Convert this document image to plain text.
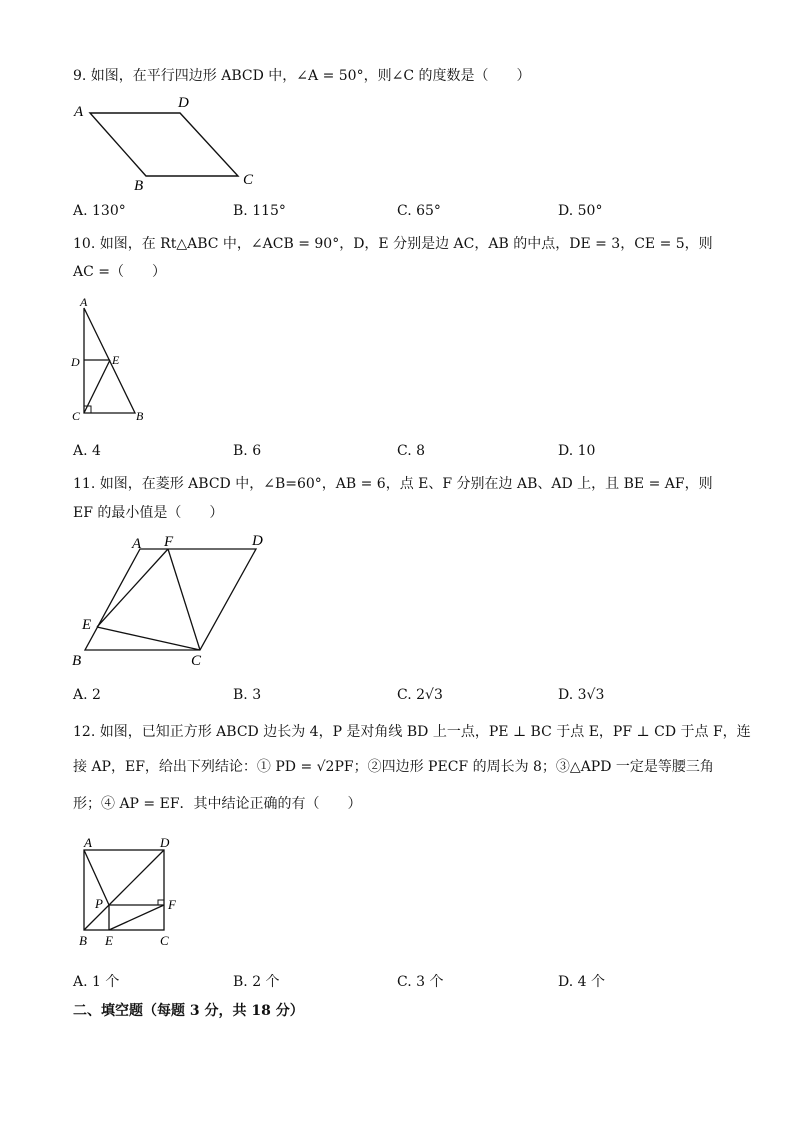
9. 如图，在平行四边形 ABCD 中，∠A = 50°，则∠C 的度数是（　　）
A
D
C
B
A. 130°	B. 115°	C. 65°	D. 50°
10. 如图，在 Rt△ABC 中，∠ACB = 90°，D，E 分别是边 AC，AB 的中点，DE = 3，CE = 5，则
AC =（　　）
A
D	E
C	B
A. 4	B. 6	C. 8	D. 10
11. 如图，在菱形 ABCD 中，∠B=60°，AB = 6，点 E、F 分别在边 AB、AD 上，且 BE = AF，则
EF 的最小值是（　　）
A F	D
E
B	C
A. 2	B. 3	C. 2√3	D. 3√3
12. 如图，已知正方形 ABCD 边长为 4，P 是对角线 BD 上一点，PE ⊥ BC 于点 E，PF ⊥ CD 于点 F，连
接 AP，EF，给出下列结论：① PD = √2PF；②四边形 PECF 的周长为 8；③△APD 一定是等腰三角
形；④ AP = EF．其中结论正确的有（　　）
A	D
P	F
B E	C
A. 1 个	B. 2 个	C. 3 个	D. 4 个
二、填空题（每题 3 分，共 18 分）
